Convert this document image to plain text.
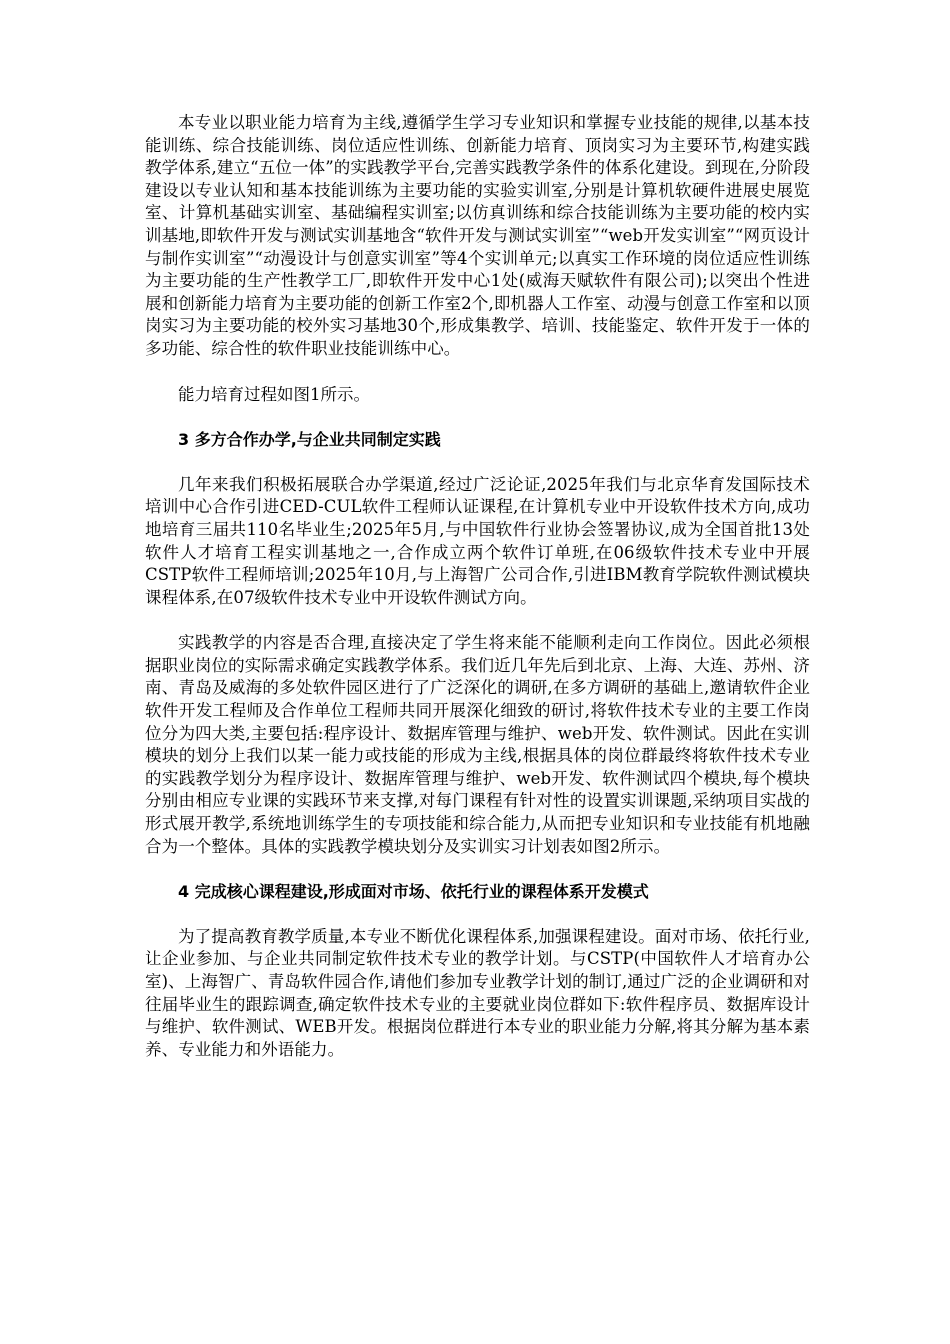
本专业以职业能力培育为主线,遵循学生学习专业知识和掌握专业技能的规律,以基本技能训练、综合技能训练、岗位适应性训练、创新能力培育、顶岗实习为主要环节,构建实践教学体系,建立“五位一体”的实践教学平台,完善实践教学条件的体系化建设。到现在,分阶段建设以专业认知和基本技能训练为主要功能的实验实训室,分别是计算机软硬件进展史展览室、计算机基础实训室、基础编程实训室;以仿真训练和综合技能训练为主要功能的校内实训基地,即软件开发与测试实训基地含“软件开发与测试实训室”“web开发实训室”“网页设计与制作实训室”“动漫设计与创意实训室”等4个实训单元;以真实工作环境的岗位适应性训练为主要功能的生产性教学工厂,即软件开发中心1处(威海天赋软件有限公司);以突出个性进展和创新能力培育为主要功能的创新工作室2个,即机器人工作室、动漫与创意工作室和以顶岗实习为主要功能的校外实习基地30个,形成集教学、培训、技能鉴定、软件开发于一体的多功能、综合性的软件职业技能训练中心。

能力培育过程如图1所示。

3 多方合作办学,与企业共同制定实践

几年来我们积极拓展联合办学渠道,经过广泛论证,2025年我们与北京华育发国际技术培训中心合作引进CED-CUL软件工程师认证课程,在计算机专业中开设软件技术方向,成功地培育三届共110名毕业生;2025年5月,与中国软件行业协会签署协议,成为全国首批13处软件人才培育工程实训基地之一,合作成立两个软件订单班,在06级软件技术专业中开展CSTP软件工程师培训;2025年10月,与上海智广公司合作,引进IBM教育学院软件测试模块课程体系,在07级软件技术专业中开设软件测试方向。

实践教学的内容是否合理,直接决定了学生将来能不能顺利走向工作岗位。因此必须根据职业岗位的实际需求确定实践教学体系。我们近几年先后到北京、上海、大连、苏州、济南、青岛及威海的多处软件园区进行了广泛深化的调研,在多方调研的基础上,邀请软件企业软件开发工程师及合作单位工程师共同开展深化细致的研讨,将软件技术专业的主要工作岗位分为四大类,主要包括:程序设计、数据库管理与维护、web开发、软件测试。因此在实训模块的划分上我们以某一能力或技能的形成为主线,根据具体的岗位群最终将软件技术专业的实践教学划分为程序设计、数据库管理与维护、web开发、软件测试四个模块,每个模块分别由相应专业课的实践环节来支撑,对每门课程有针对性的设置实训课题,采纳项目实战的形式展开教学,系统地训练学生的专项技能和综合能力,从而把专业知识和专业技能有机地融合为一个整体。具体的实践教学模块划分及实训实习计划表如图2所示。

4 完成核心课程建设,形成面对市场、依托行业的课程体系开发模式

为了提高教育教学质量,本专业不断优化课程体系,加强课程建设。面对市场、依托行业,让企业参加、与企业共同制定软件技术专业的教学计划。与CSTP(中国软件人才培育办公室)、上海智广、青岛软件园合作,请他们参加专业教学计划的制订,通过广泛的企业调研和对往届毕业生的跟踪调查,确定软件技术专业的主要就业岗位群如下:软件程序员、数据库设计与维护、软件测试、WEB开发。根据岗位群进行本专业的职业能力分解,将其分解为基本素养、专业能力和外语能力。
